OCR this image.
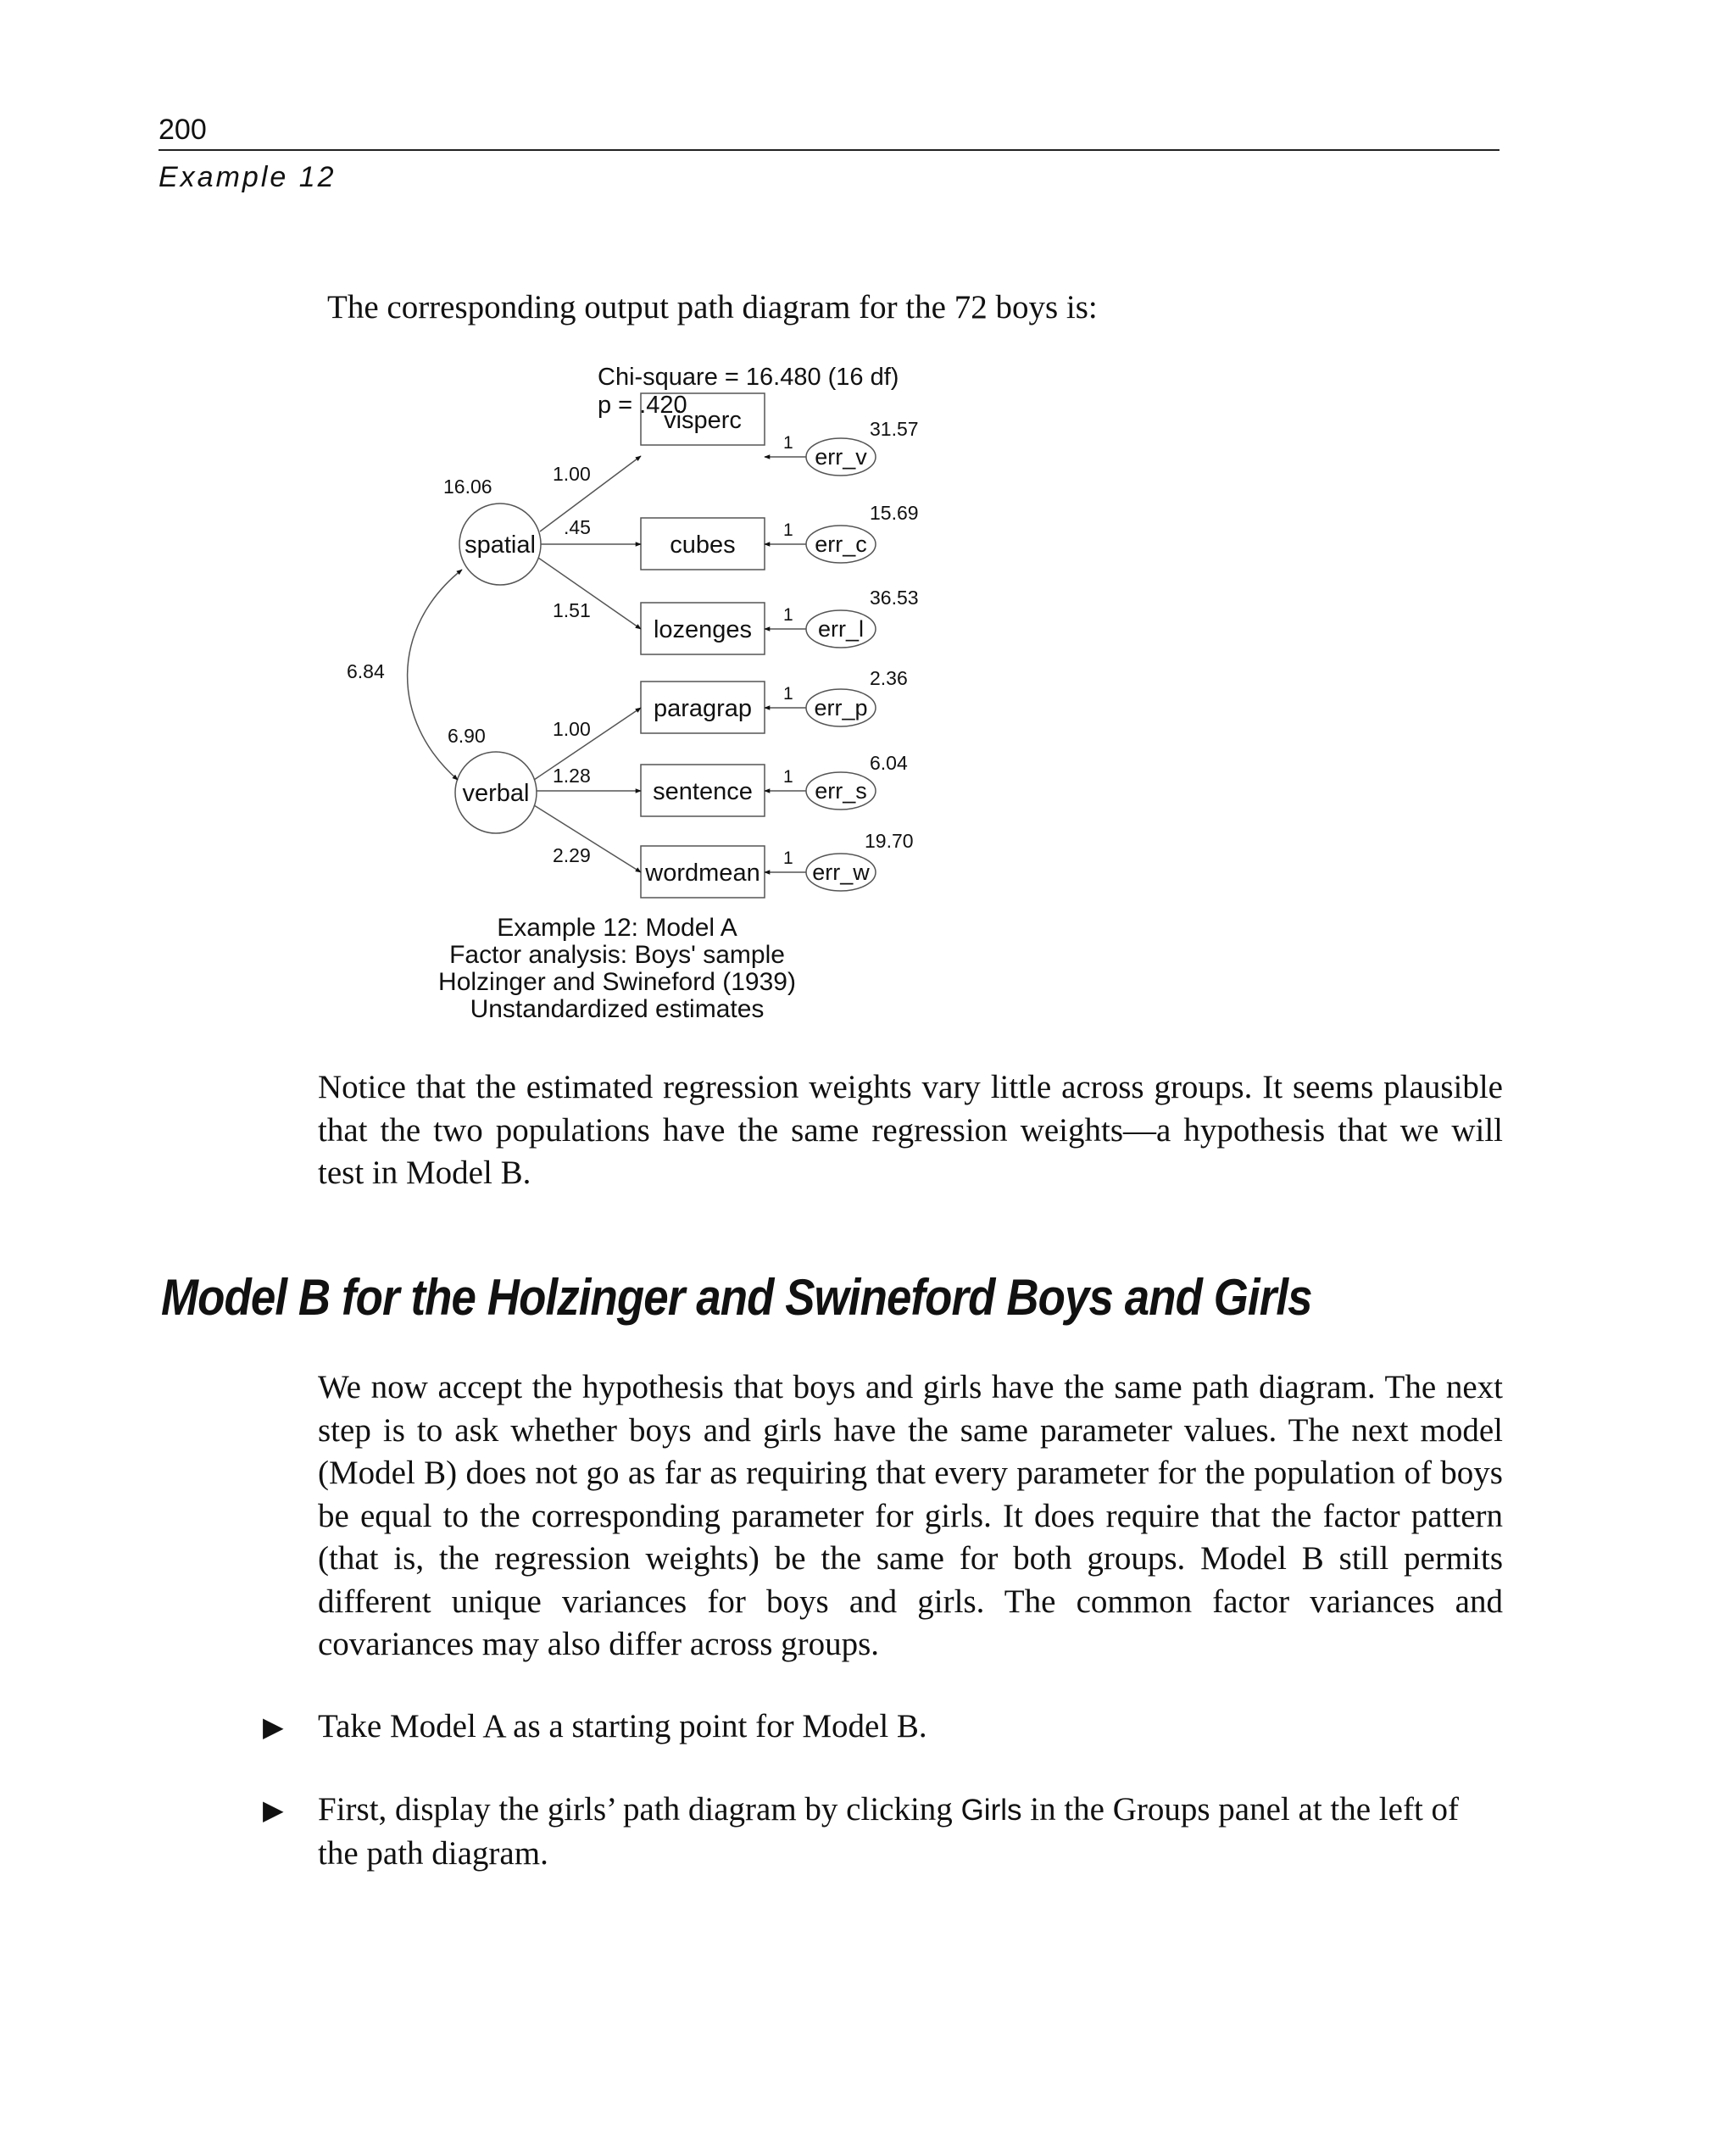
200
Example 12
The corresponding output path diagram for the 72 boys is:
Chi-square = 16.480 (16 df)
p = .420
spatial
16.06
verbal
6.90
6.84
visperc
cubes
lozenges
paragrap
sentence
wordmean
1.00
.45
1.51
1.00
1.28
2.29
err_v
1
31.57
err_c
1
15.69
err_l
1
36.53
err_p
1
2.36
err_s
1
6.04
err_w
1
19.70
Example 12: Model A
Factor analysis: Boys' sample
Holzinger and Swineford (1939)
Unstandardized estimates
Notice that the estimated regression weights vary little across groups. It seems plausible that the two populations have the same regression weights—a hypothesis that we will test in Model B.
Model B for the Holzinger and Swineford Boys and Girls
We now accept the hypothesis that boys and girls have the same path diagram. The next step is to ask whether boys and girls have the same parameter values. The next model (Model B) does not go as far as requiring that every parameter for the population of boys be equal to the corresponding parameter for girls. It does require that the factor pattern (that is, the regression weights) be the same for both groups. Model B still permits different unique variances for boys and girls. The common factor variances and covariances may also differ across groups.
▶ Take Model A as a starting point for Model B.
▶ First, display the girls’ path diagram by clicking Girls in the Groups panel at the left of the path diagram.
